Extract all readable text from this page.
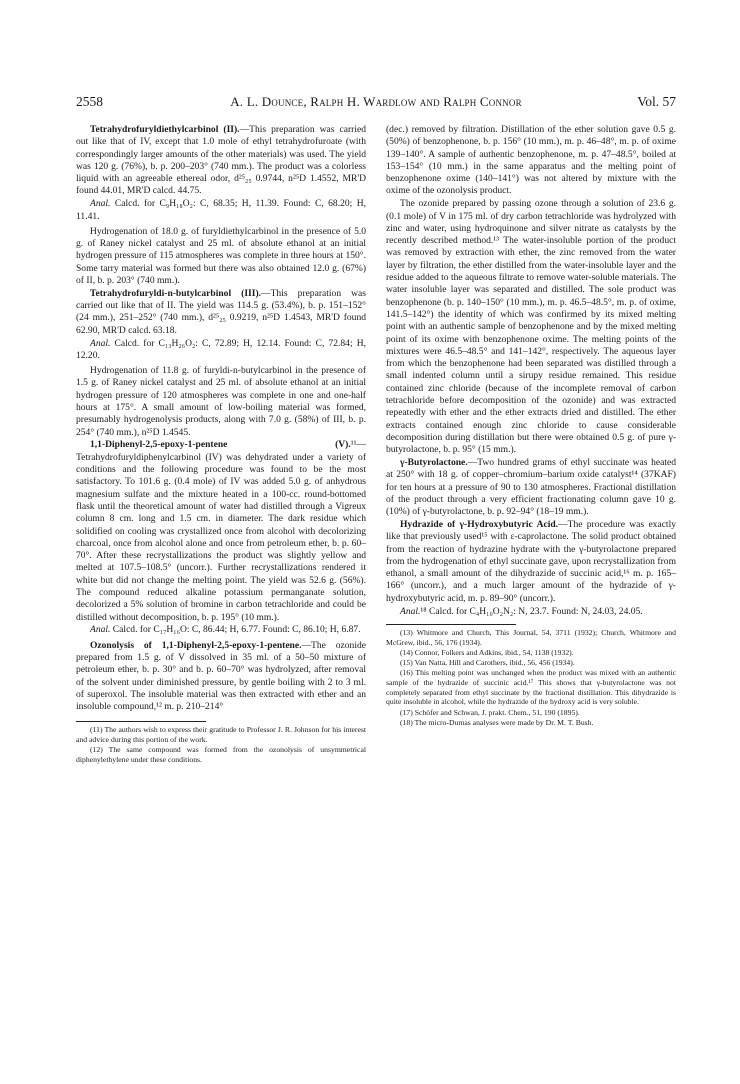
2558	A. L. Dounce, Ralph H. Wardlow and Ralph Connor	Vol. 57

Tetrahydrofuryldiethylcarbinol (II).—This preparation was carried out like that of IV, except that 1.0 mole of ethyl tetrahydrofuroate (with correspondingly larger amounts of the other materials) was used. The yield was 120 g. (76%), b. p. 200–203° (740 mm.). The product was a colorless liquid with an agreeable ethereal odor, d²⁵₂₅ 0.9744, n²⁵D 1.4552, MR'D found 44.01, MR'D calcd. 44.75.

Anal. Calcd. for C₉H₁₈O₂: C, 68.35; H, 11.39. Found: C, 68.20; H, 11.41.

Hydrogenation of 18.0 g. of furyldiethylcarbinol in the presence of 5.0 g. of Raney nickel catalyst and 25 ml. of absolute ethanol at an initial hydrogen pressure of 115 atmospheres was complete in three hours at 150°. Some tarry material was formed but there was also obtained 12.0 g. (67%) of II, b. p. 203° (740 mm.).

Tetrahydrofuryldi-n-butylcarbinol (III).—This preparation was carried out like that of II. The yield was 114.5 g. (53.4%), b. p. 151–152° (24 mm.), 251–252° (740 mm.), d²⁵₂₅ 0.9219, n²⁵D 1.4543, MR'D found 62.90, MR'D calcd. 63.18.

Anal. Calcd. for C₁₃H₂₆O₂: C, 72.89; H, 12.14. Found: C, 72.84; H, 12.20.

Hydrogenation of 11.8 g. of furyldi-n-butylcarbinol in the presence of 1.5 g. of Raney nickel catalyst and 25 ml. of absolute ethanol at an initial hydrogen pressure of 120 atmospheres was complete in one and one-half hours at 175°. A small amount of low-boiling material was formed, presumably hydrogenolysis products, along with 7.0 g. (58%) of III, b. p. 254° (740 mm.), n²⁵D 1.4545.

1,1-Diphenyl-2,5-epoxy-1-pentene (V).¹¹—Tetrahydrofuryldiphenylcarbinol (IV) was dehydrated under a variety of conditions and the following procedure was found to be the most satisfactory. To 101.6 g. (0.4 mole) of IV was added 5.0 g. of anhydrous magnesium sulfate and the mixture heated in a 100-cc. round-bottomed flask until the theoretical amount of water had distilled through a Vigreux column 8 cm. long and 1.5 cm. in diameter. The dark residue which solidified on cooling was crystallized once from alcohol with decolorizing charcoal, once from alcohol alone and once from petroleum ether, b. p. 60–70°. After these recrystallizations the product was slightly yellow and melted at 107.5–108.5° (uncorr.). Further recrystallizations rendered it white but did not change the melting point. The yield was 52.6 g. (56%). The compound reduced alkaline potassium permanganate solution, decolorized a 5% solution of bromine in carbon tetrachloride and could be distilled without decomposition, b. p. 195° (10 mm.).

Anal. Calcd. for C₁₇H₁₆O: C, 86.44; H, 6.77. Found: C, 86.10; H, 6.87.

Ozonolysis of 1,1-Diphenyl-2,5-epoxy-1-pentene.—The ozonide prepared from 1.5 g. of V dissolved in 35 ml. of a 50–50 mixture of petroleum ether, b. p. 30° and b. p. 60–70° was hydrolyzed, after removal of the solvent under diminished pressure, by gentle boiling with 2 to 3 ml. of superoxol. The insoluble material was then extracted with ether and an insoluble compound,¹² m. p. 210–214°

(11) The authors wish to express their gratitude to Professor J. R. Johnson for his interest and advice during this portion of the work.

(12) The same compound was formed from the ozonolysis of unsymmetrical diphenylethylene under these conditions.

(dec.) removed by filtration. Distillation of the ether solution gave 0.5 g. (50%) of benzophenone, b. p. 156° (10 mm.), m. p. 46–48°, m. p. of oxime 139–140°. A sample of authentic benzophenone, m. p. 47–48.5°, boiled at 153–154° (10 mm.) in the same apparatus and the melting point of benzophenone oxime (140–141°) was not altered by mixture with the oxime of the ozonolysis product.

The ozonide prepared by passing ozone through a solution of 23.6 g. (0.1 mole) of V in 175 ml. of dry carbon tetrachloride was hydrolyzed with zinc and water, using hydroquinone and silver nitrate as catalysts by the recently described method.¹³ The water-insoluble portion of the product was removed by extraction with ether, the zinc removed from the water layer by filtration, the ether distilled from the water-insoluble layer and the residue added to the aqueous filtrate to remove water-soluble materials. The water insoluble layer was separated and distilled. The sole product was benzophenone (b. p. 140–150° (10 mm.), m. p. 46.5–48.5°, m. p. of oxime, 141.5–142°) the identity of which was confirmed by its mixed melting point with an authentic sample of benzophenone and by the mixed melting point of its oxime with benzophenone oxime. The melting points of the mixtures were 46.5–48.5° and 141–142°, respectively. The aqueous layer from which the benzophenone had been separated was distilled through a small indented column until a sirupy residue remained. This residue contained zinc chloride (because of the incomplete removal of carbon tetrachloride before decomposition of the ozonide) and was extracted repeatedly with ether and the ether extracts dried and distilled. The ether extracts contained enough zinc chloride to cause considerable decomposition during distillation but there were obtained 0.5 g. of pure γ-butyrolactone, b. p. 95° (15 mm.).

γ-Butyrolactone.—Two hundred grams of ethyl succinate was heated at 250° with 18 g. of copper–chromium–barium oxide catalyst¹⁴ (37KAF) for ten hours at a pressure of 90 to 130 atmospheres. Fractional distillation of the product through a very efficient fractionating column gave 10 g. (10%) of γ-butyrolactone, b. p. 92–94° (18–19 mm.).

Hydrazide of γ-Hydroxybutyric Acid.—The procedure was exactly like that previously used¹⁵ with ε-caprolactone. The solid product obtained from the reaction of hydrazine hydrate with the γ-butyrolactone prepared from the hydrogenation of ethyl succinate gave, upon recrystallization from ethanol, a small amount of the dihydrazide of succinic acid,¹⁶ m. p. 165–166° (uncorr.), and a much larger amount of the hydrazide of γ-hydroxybutyric acid, m. p. 89–90° (uncorr.).

Anal.¹⁸ Calcd. for C₄H₁₀O₂N₂: N, 23.7. Found: N, 24.03, 24.05.

(13) Whitmore and Church, This Journal, 54, 3711 (1932); Church, Whitmore and McGrew, ibid., 56, 176 (1934).

(14) Connor, Folkers and Adkins, ibid., 54, 1138 (1932).

(15) Van Natta, Hill and Carothers, ibid., 56, 456 (1934).

(16) This melting point was unchanged when the product was mixed with an authentic sample of the hydrazide of succinic acid.¹⁷ This shows that γ-butyrolactone was not completely separated from ethyl succinate by the fractional distillation. This dihydrazide is quite insoluble in alcohol, while the hydrazide of the hydroxy acid is very soluble.

(17) Schöfer and Schwan, J. prakt. Chem., 51, 190 (1895).

(18) The micro-Dumas analyses were made by Dr. M. T. Bush.
